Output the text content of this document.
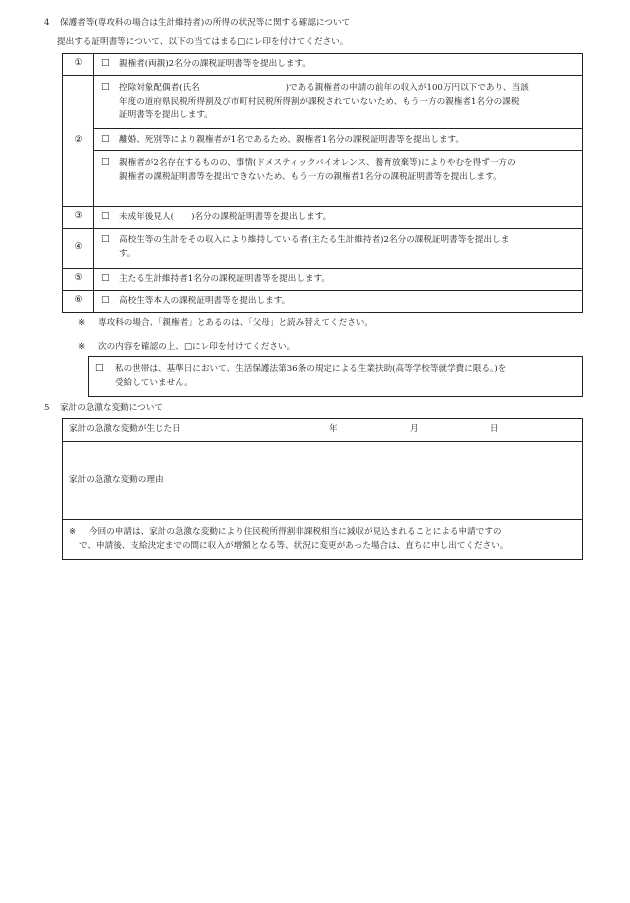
4 保護者等(専攻科の場合は生計維持者)の所得の状況等に関する確認について
提出する証明書等について、以下の当てはまる□にレ印を付けてください。
①	□ 親権者(両親)2名分の課税証明書等を提出します。
②
□ 控除対象配偶者(氏名　　　　　　　　　　)である親権者の申請の前年の収入が100万円以下であり、当該
年度の道府県民税所得割及び市町村民税所得割が課税されていないため、もう一方の親権者1名分の課税
証明書等を提出します。
□ 離婚、死別等により親権者が1名であるため、親権者1名分の課税証明書等を提出します。
□ 親権者が2名存在するものの、事情(ドメスティックバイオレンス、養育放棄等)によりやむを得ず一方の
親権者の課税証明書等を提出できないため、もう一方の親権者1名分の課税証明書等を提出します。
③	□ 未成年後見人(　　)名分の課税証明書等を提出します。
④
□ 高校生等の生計をその収入により維持している者(主たる生計維持者)2名分の課税証明書等を提出しま
す。
⑤	□ 主たる生計維持者1名分の課税証明書等を提出します。
⑥	□ 高校生等本人の課税証明書等を提出します。
※ 専攻科の場合、「親権者」とあるのは、「父母」と読み替えてください。
※ 次の内容を確認の上、□にレ印を付けてください。
□ 私の世帯は、基準日において、生活保護法第36条の規定による生業扶助(高等学校等就学費に限る。)を
受給していません。
5 家計の急激な変動について
家計の急激な変動が生じた日	年	月	日
家計の急激な変動の理由
※	今回の申請は、家計の急激な変動により住民税所得割非課税相当に減収が見込まれることによる申請ですの
で、申請後、支給決定までの間に収入が増額となる等、状況に変更があった場合は、直ちに申し出てください。
